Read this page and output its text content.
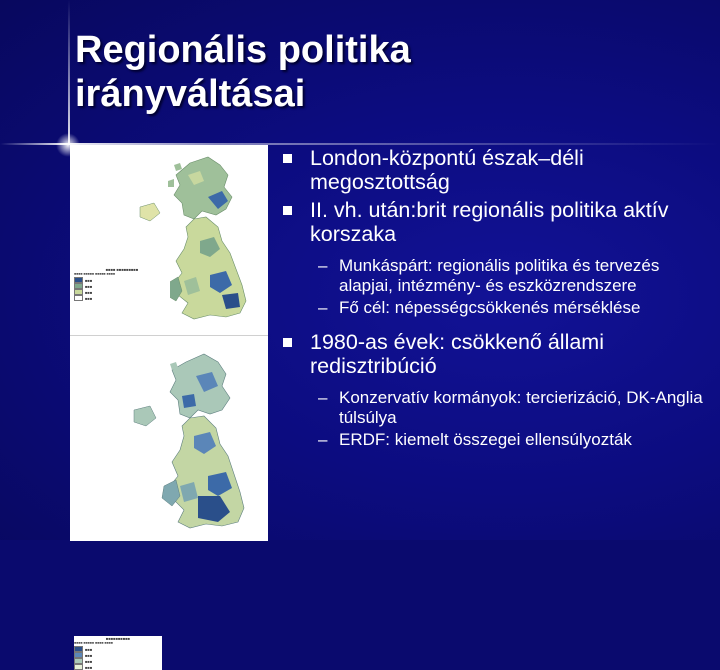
Regionális politika
irányváltásai
■■■■ ■■■■■■■■■
■■■■ ■■■■■ ■■■■■ ■■■■
■■■
■■■
■■■
■■■
■■■■■■■■■■
■■■■ ■■■■■ ■■■■ ■■■■
■■■
■■■
■■■
■■■
London-központú észak–déli megosztottság
II. vh. után:brit regionális politika aktív korszaka
– Munkáspárt: regionális politika és tervezés alapjai, intézmény- és eszközrendszere
– Fő cél: népességcsökkenés mérséklése
1980-as évek: csökkenő állami redisztribúció
– Konzervatív kormányok: tercierizáció, DK-Anglia túlsúlya
– ERDF: kiemelt összegei ellensúlyozták
